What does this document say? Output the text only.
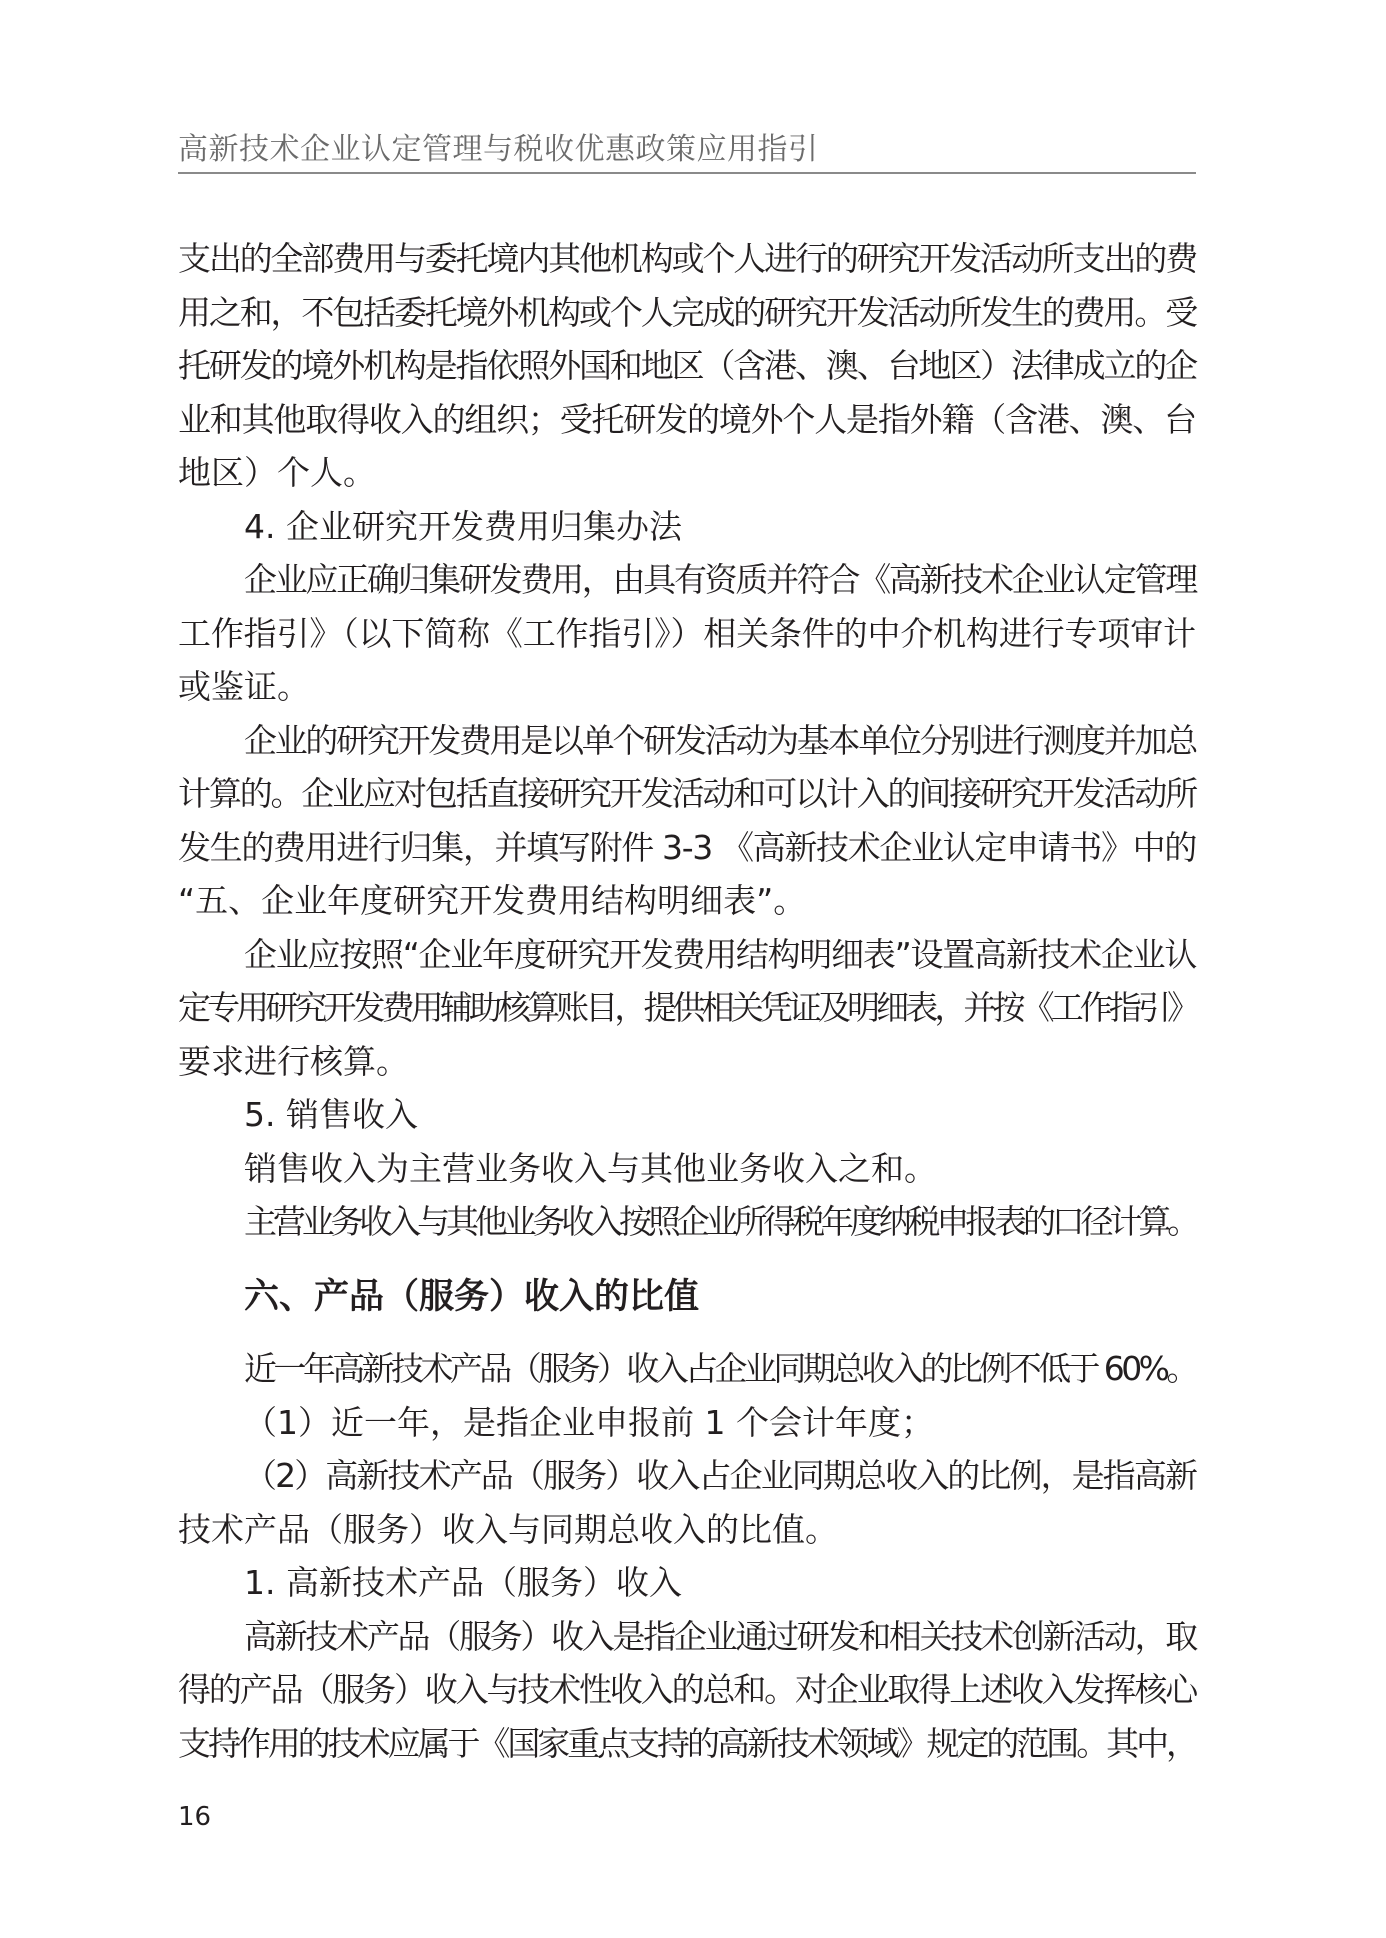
高新技术企业认定管理与税收优惠政策应用指引
支出的全部费用与委托境内其他机构或个人进行的研究开发活动所支出的费
用之和，不包括委托境外机构或个人完成的研究开发活动所发生的费用。受
托研发的境外机构是指依照外国和地区（含港、澳、台地区）法律成立的企
业和其他取得收入的组织；受托研发的境外个人是指外籍（含港、澳、台
地区）个人。
4. 企业研究开发费用归集办法
企业应正确归集研发费用，由具有资质并符合《高新技术企业认定管理
工作指引》（以下简称《工作指引》）相关条件的中介机构进行专项审计
或鉴证。
企业的研究开发费用是以单个研发活动为基本单位分别进行测度并加总
计算的。企业应对包括直接研究开发活动和可以计入的间接研究开发活动所
发生的费用进行归集，并填写附件 3-3 《高新技术企业认定申请书》中的
“五、企业年度研究开发费用结构明细表”。
企业应按照“企业年度研究开发费用结构明细表”设置高新技术企业认
定专用研究开发费用辅助核算账目，提供相关凭证及明细表，并按《工作指引》
要求进行核算。
5. 销售收入
销售收入为主营业务收入与其他业务收入之和。
主营业务收入与其他业务收入按照企业所得税年度纳税申报表的口径计算。
六、产品（服务）收入的比值
近一年高新技术产品（服务）收入占企业同期总收入的比例不低于 60%。
（1）近一年，是指企业申报前 1 个会计年度；
（2）高新技术产品（服务）收入占企业同期总收入的比例，是指高新
技术产品（服务）收入与同期总收入的比值。
1. 高新技术产品（服务）收入
高新技术产品（服务）收入是指企业通过研发和相关技术创新活动，取
得的产品（服务）收入与技术性收入的总和。对企业取得上述收入发挥核心
支持作用的技术应属于《国家重点支持的高新技术领域》规定的范围。其中，
16
